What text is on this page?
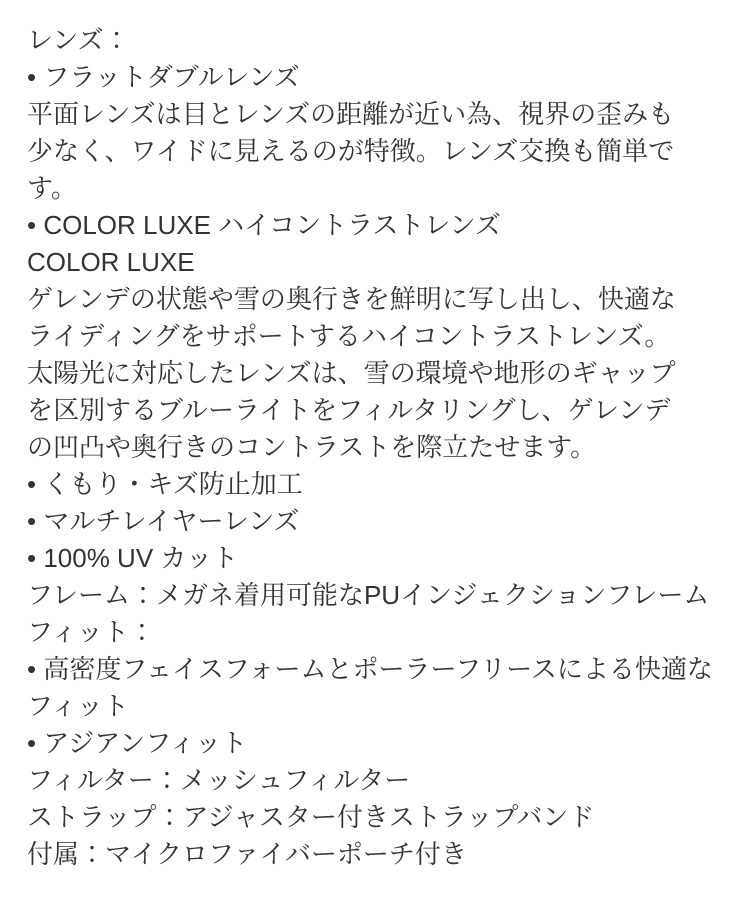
レンズ：
• フラットダブルレンズ
平面レンズは目とレンズの距離が近い為、視界の歪みも
少なく、ワイドに見えるのが特徴。レンズ交換も簡単で
す。
• COLOR LUXE ハイコントラストレンズ
COLOR LUXE
ゲレンデの状態や雪の奥行きを鮮明に写し出し、快適な
ライディングをサポートするハイコントラストレンズ。
太陽光に対応したレンズは、雪の環境や地形のギャップ
を区別するブルーライトをフィルタリングし、ゲレンデ
の凹凸や奥行きのコントラストを際立たせます。
• くもり・キズ防止加工
• マルチレイヤーレンズ
• 100% UV カット
フレーム：メガネ着用可能なPUインジェクションフレーム
フィット：
• 高密度フェイスフォームとポーラーフリースによる快適な
フィット
• アジアンフィット
フィルター：メッシュフィルター
ストラップ：アジャスター付きストラップバンド
付属：マイクロファイバーポーチ付き
